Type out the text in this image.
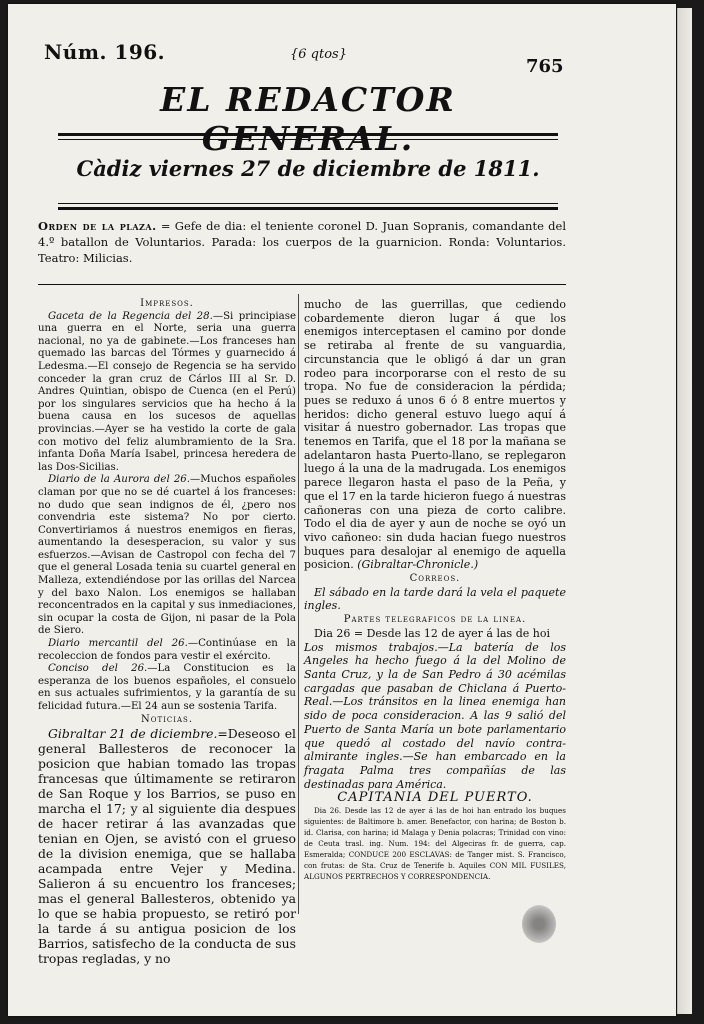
Núm. 196.	{6 qtos}
765
EL REDACTOR
Càdiz viernes 27 de diciembre de 1811.
Orden de la plaza. = Gefe de dia: el teniente coronel D. Juan Sopranis, comandante del 4.º batallon de Voluntarios. Parada: los cuerpos de la guarnicion. Ronda: Voluntarios. Teatro: Milicias.

Impresos.

Gaceta de la Regencia del 28.—Si principiase una guerra en el Norte, seria una guerra nacional, no ya de gabinete.—Los franceses han quemado las barcas del Tórmes y guarnecido á Ledesma.—El consejo de Regencia se ha servido conceder la gran cruz de Cárlos III al Sr. D. Andres Quintian, obispo de Cuenca (en el Perú) por los singulares servicios que ha hecho á la buena causa en los sucesos de aquellas provincias.—Ayer se ha vestido la corte de gala con motivo del feliz alumbramiento de la Sra. infanta Doña María Isabel, princesa heredera de las Dos-Sicilias.

Diario de la Aurora del 26.—Muchos españoles claman por que no se dé cuartel á los franceses: no dudo que sean indignos de él, ¿pero nos convendria este sistema? No por cierto. Convertiriamos á nuestros enemigos en fieras, aumentando la desesperacion, su valor y sus esfuerzos.—Avisan de Castropol con fecha del 7 que el general Losada tenia su cuartel general en Malleza, extendiéndose por las orillas del Narcea y del baxo Nalon. Los enemigos se hallaban reconcentrados en la capital y sus inmediaciones, sin ocupar la costa de Gijon, ni pasar de la Pola de Siero.

Diario mercantil del 26.—Continúase en la recoleccion de fondos para vestir el exército.

Conciso del 26.—La Constitucion es la esperanza de los buenos españoles, el consuelo en sus actuales sufrimientos, y la garantía de su felicidad futura.—El 24 aun se sostenia Tarifa.

Noticias.

Gibraltar 21 de diciembre.=Deseoso el general Ballesteros de reconocer la posicion que habian tomado las tropas francesas que últimamente se retiraron de San Roque y los Barrios, se puso en marcha el 17; y al siguiente dia despues de hacer retirar á las avanzadas que tenian en Ojen, se avistó con el grueso de la division enemiga, que se hallaba acampada entre Vejer y Medina. Salieron á su encuentro los franceses; mas el general Ballesteros, obtenido ya lo que se habia propuesto, se retiró por la tarde á su antigua posicion de los Barrios, satisfecho de la conducta de sus tropas regladas, y no

mucho de las guerrillas, que cediendo cobardemente dieron lugar á que los enemigos interceptasen el camino por donde se retiraba al frente de su vanguardia, circunstancia que le obligó á dar un gran rodeo para incorporarse con el resto de su tropa. No fue de consideracion la pérdida; pues se reduxo á unos 6 ó 8 entre muertos y heridos: dicho general estuvo luego aquí á visitar á nuestro gobernador. Las tropas que tenemos en Tarifa, que el 18 por la mañana se adelantaron hasta Puerto-llano, se replegaron luego á la una de la madrugada. Los enemigos parece llegaron hasta el paso de la Peña, y que el 17 en la tarde hicieron fuego á nuestras cañoneras con una pieza de corto calibre. Todo el dia de ayer y aun de noche se oyó un vivo cañoneo: sin duda hacian fuego nuestros buques para desalojar al enemigo de aquella posicion. (Gibraltar-Chronicle.)

Correos.

El sábado en la tarde dará la vela el paquete ingles.

Partes telegraficos de la linea.

Dia 26 = Desde las 12 de ayer á las de hoi

Los mismos trabajos.—La batería de los Angeles ha hecho fuego á la del Molino de Santa Cruz, y la de San Pedro á 30 acémilas cargadas que pasaban de Chiclana á Puerto-Real.—Los tránsitos en la linea enemiga han sido de poca consideracion. A las 9 salió del Puerto de Santa María un bote parlamentario que quedó al costado del navío contra-almirante ingles.—Se han embarcado en la fragata Palma tres compañías de las destinadas para América.

CAPITANIA DEL PUERTO.

Dia 26. Desde las 12 de ayer á las de hoi han entrado los buques siguientes: de Baltimore b. amer. Benefactor, con harina; de Boston b. id. Clarisa, con harina; id Malaga y Denia polacras; Trinidad con vino: de Ceuta trasl. ing. Num. 194: del Algeciras fr. de guerra, cap. Esmeralda; CONDUCE 200 ESCLAVAS: de Tanger mist. S. Francisco, con frutas: de Sta. Cruz de Tenerife b. Aquiles CON MIL FUSILES, ALGUNOS PERTRECHOS Y CORRESPONDENCIA.
